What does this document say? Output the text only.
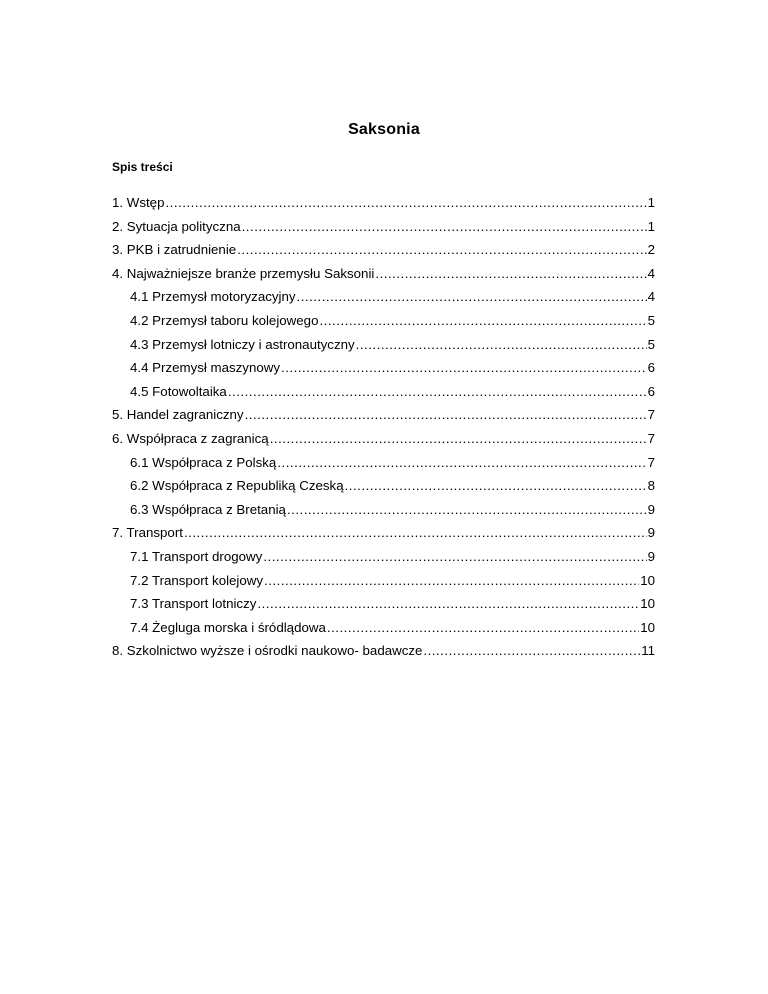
Saksonia
Spis treści
1. Wstęp .....	1
2. Sytuacja polityczna .....	1
3. PKB i zatrudnienie .....	2
4. Najważniejsze branże przemysłu Saksonii .....	4
4.1 Przemysł motoryzacyjny .....	4
4.2 Przemysł taboru kolejowego .....	5
4.3 Przemysł lotniczy i astronautyczny .....	5
4.4 Przemysł maszynowy .....	6
4.5 Fotowoltaika .....	6
5. Handel zagraniczny .....	7
6. Współpraca z zagranicą .....	7
6.1 Współpraca z Polską .....	7
6.2 Współpraca z Republiką Czeską .....	8
6.3 Współpraca z Bretanią .....	9
7. Transport .....	9
7.1 Transport drogowy .....	9
7.2 Transport kolejowy .....	10
7.3 Transport lotniczy .....	10
7.4 Żegluga morska i śródlądowa .....	10
8. Szkolnictwo wyższe i ośrodki naukowo- badawcze .....	11
